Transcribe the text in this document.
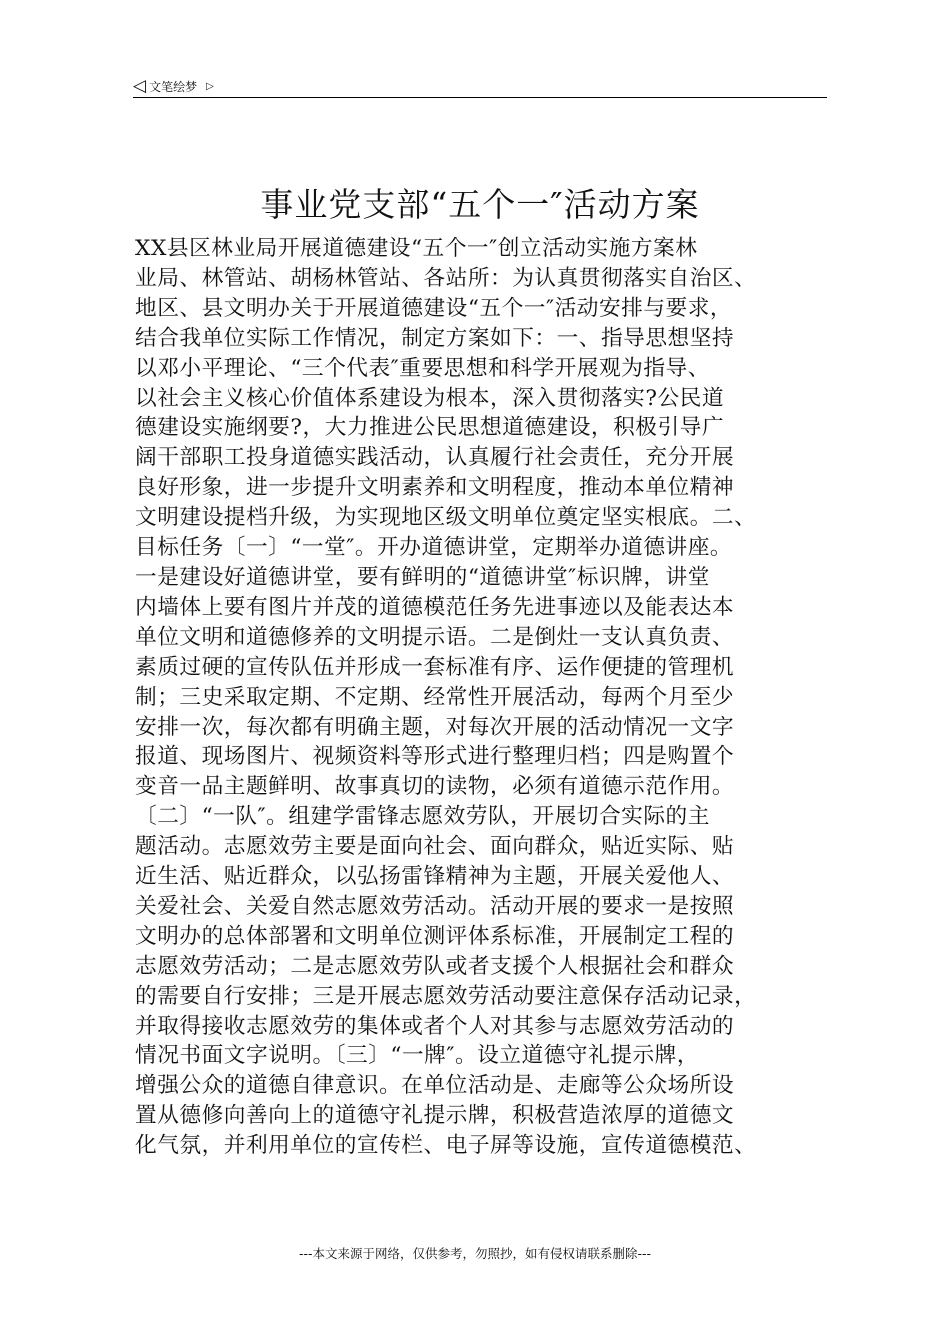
◁ 文笔绘梦 ▷
事业党支部“五个一″活动方案

XX县区林业局开展道德建设“五个一″创立活动实施方案林

业局、林管站、胡杨林管站、各站所：为认真贯彻落实自治区、

地区、县文明办关于开展道德建设“五个一″活动安排与要求，

结合我单位实际工作情况，制定方案如下：一、指导思想坚持

以邓小平理论、“三个代表″重要思想和科学开展观为指导、

以社会主义核心价值体系建设为根本，深入贯彻落实?公民道

德建设实施纲要?，大力推进公民思想道德建设，积极引导广

阔干部职工投身道德实践活动，认真履行社会责任，充分开展

良好形象，进一步提升文明素养和文明程度，推动本单位精神

文明建设提档升级，为实现地区级文明单位奠定坚实根底。二、

目标任务〔一〕“一堂″。开办道德讲堂，定期举办道德讲座。

一是建设好道德讲堂，要有鲜明的“道德讲堂″标识牌，讲堂

内墙体上要有图片并茂的道德模范任务先进事迹以及能表达本

单位文明和道德修养的文明提示语。二是倒灶一支认真负责、

素质过硬的宣传队伍并形成一套标准有序、运作便捷的管理机

制；三史采取定期、不定期、经常性开展活动，每两个月至少

安排一次，每次都有明确主题，对每次开展的活动情况一文字

报道、现场图片、视频资料等形式进行整理归档；四是购置个

变音一品主题鲜明、故事真切的读物，必须有道德示范作用。

〔二〕“一队″。组建学雷锋志愿效劳队，开展切合实际的主

题活动。志愿效劳主要是面向社会、面向群众，贴近实际、贴

近生活、贴近群众，以弘扬雷锋精神为主题，开展关爱他人、

关爱社会、关爱自然志愿效劳活动。活动开展的要求一是按照

文明办的总体部署和文明单位测评体系标准，开展制定工程的

志愿效劳活动；二是志愿效劳队或者支援个人根据社会和群众

的需要自行安排；三是开展志愿效劳活动要注意保存活动记录，

并取得接收志愿效劳的集体或者个人对其参与志愿效劳活动的

情况书面文字说明。〔三〕“一牌″。设立道德守礼提示牌，

增强公众的道德自律意识。在单位活动是、走廊等公众场所设

置从德修向善向上的道德守礼提示牌，积极营造浓厚的道德文

化气氛，并利用单位的宣传栏、电子屏等设施，宣传道德模范、

---本文来源于网络，仅供参考，勿照抄，如有侵权请联系删除---
